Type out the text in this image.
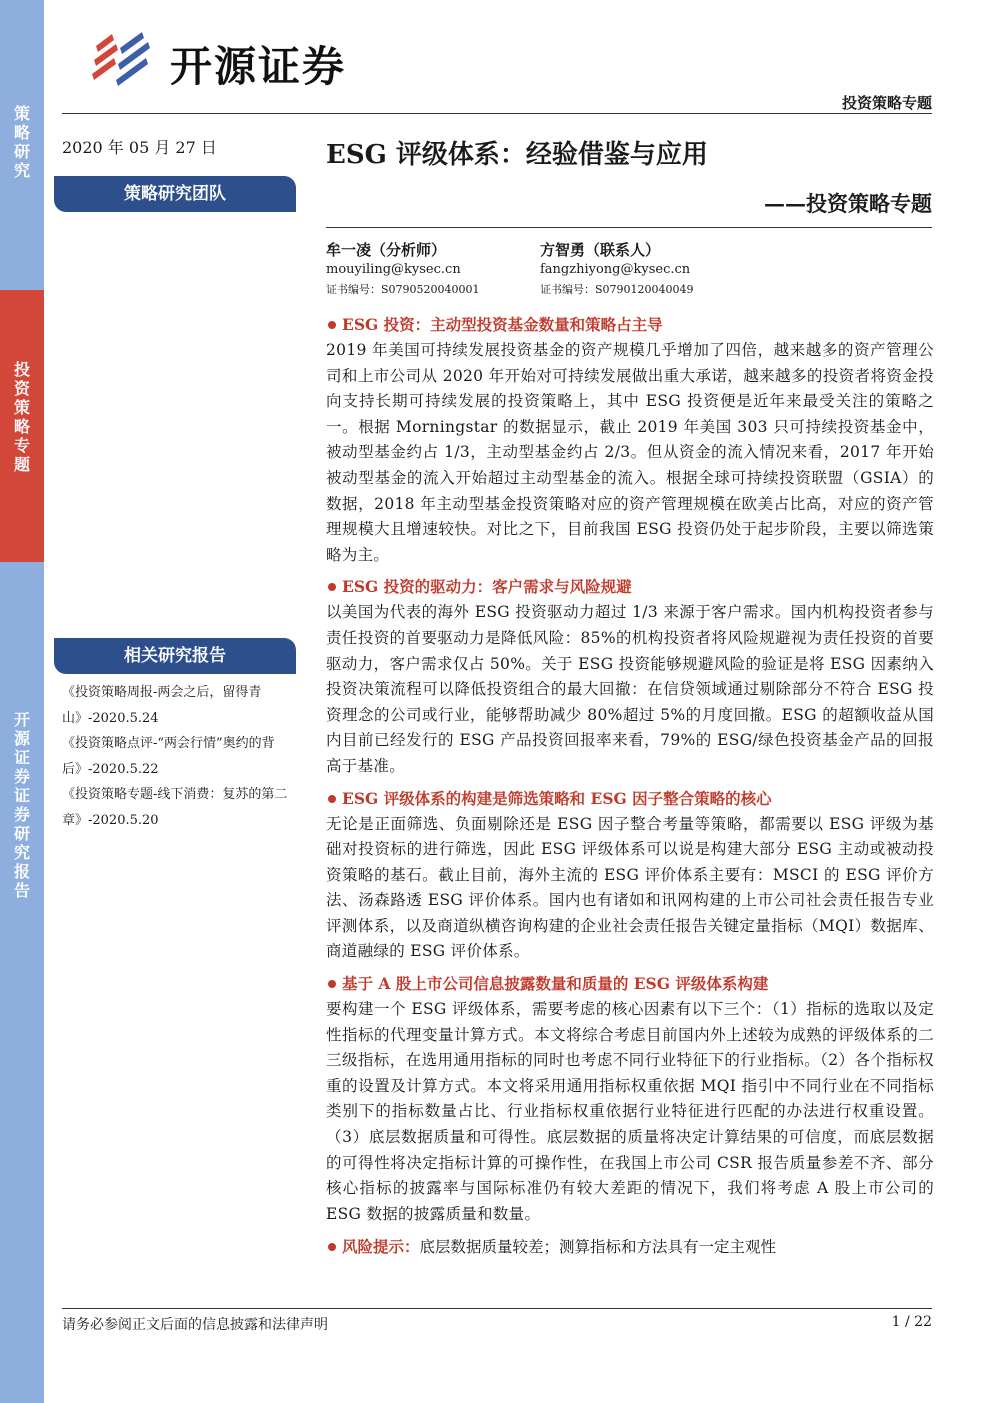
策略研究
投资策略专题
开源证券 证券研究报告
开源证券
投资策略专题
2020 年 05 月 27 日
策略研究团队
ESG 评级体系：经验借鉴与应用
——投资策略专题
牟一凌（分析师）
mouyiling@kysec.cn
证书编号：S0790520040001
方智勇（联系人）
fangzhiyong@kysec.cn
证书编号：S0790120040049
ESG 投资：主动型投资基金数量和策略占主导
2019 年美国可持续发展投资基金的资产规模几乎增加了四倍，越来越多的资产管理公司和上市公司从 2020 年开始对可持续发展做出重大承诺，越来越多的投资者将资金投向支持长期可持续发展的投资策略上，其中 ESG 投资便是近年来最受关注的策略之一。根据 Morningstar 的数据显示，截止 2019 年美国 303 只可持续投资基金中，被动型基金约占 1/3，主动型基金约占 2/3。但从资金的流入情况来看，2017 年开始被动型基金的流入开始超过主动型基金的流入。根据全球可持续投资联盟（GSIA）的数据，2018 年主动型基金投资策略对应的资产管理规模在欧美占比高，对应的资产管理规模大且增速较快。对比之下，目前我国 ESG 投资仍处于起步阶段，主要以筛选策略为主。
ESG 投资的驱动力：客户需求与风险规避
以美国为代表的海外 ESG 投资驱动力超过 1/3 来源于客户需求。国内机构投资者参与责任投资的首要驱动力是降低风险：85%的机构投资者将风险规避视为责任投资的首要驱动力，客户需求仅占 50%。关于 ESG 投资能够规避风险的验证是将 ESG 因素纳入投资决策流程可以降低投资组合的最大回撤：在信贷领域通过剔除部分不符合 ESG 投资理念的公司或行业，能够帮助减少 80%超过 5%的月度回撤。ESG 的超额收益从国内目前已经发行的 ESG 产品投资回报率来看，79%的 ESG/绿色投资基金产品的回报高于基准。
ESG 评级体系的构建是筛选策略和 ESG 因子整合策略的核心
无论是正面筛选、负面剔除还是 ESG 因子整合考量等策略，都需要以 ESG 评级为基础对投资标的进行筛选，因此 ESG 评级体系可以说是构建大部分 ESG 主动或被动投资策略的基石。截止目前，海外主流的 ESG 评价体系主要有：MSCI 的 ESG 评价方法、汤森路透 ESG 评价体系。国内也有诸如和讯网构建的上市公司社会责任报告专业评测体系，以及商道纵横咨询构建的企业社会责任报告关键定量指标（MQI）数据库、商道融绿的 ESG 评价体系。
基于 A 股上市公司信息披露数量和质量的 ESG 评级体系构建
要构建一个 ESG 评级体系，需要考虑的核心因素有以下三个：（1）指标的选取以及定性指标的代理变量计算方式。本文将综合考虑目前国内外上述较为成熟的评级体系的二三级指标，在选用通用指标的同时也考虑不同行业特征下的行业指标。（2）各个指标权重的设置及计算方式。本文将采用通用指标权重依据 MQI 指引中不同行业在不同指标类别下的指标数量占比、行业指标权重依据行业特征进行匹配的办法进行权重设置。（3）底层数据质量和可得性。底层数据的质量将决定计算结果的可信度，而底层数据的可得性将决定指标计算的可操作性，在我国上市公司 CSR 报告质量参差不齐、部分核心指标的披露率与国际标准仍有较大差距的情况下，我们将考虑 A 股上市公司的 ESG 数据的披露质量和数量。
风险提示：底层数据质量较差；测算指标和方法具有一定主观性
相关研究报告
《投资策略周报-两会之后，留得青山》-2020.5.24
《投资策略点评-“两会行情”奥约的背后》-2020.5.22
《投资策略专题-线下消费：复苏的第二章》-2020.5.20
请务必参阅正文后面的信息披露和法律声明	1 / 22
